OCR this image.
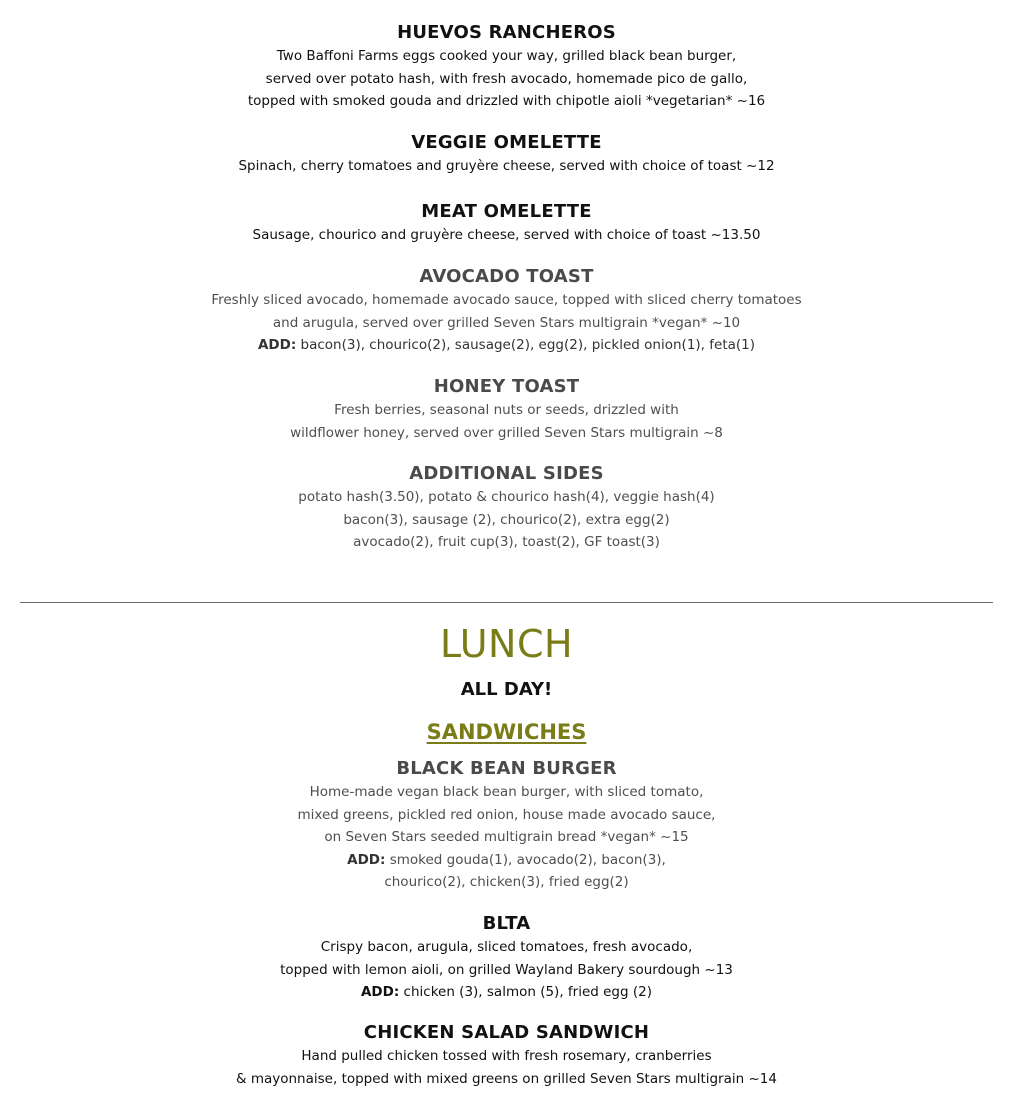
HUEVOS RANCHEROS
Two Baffoni Farms eggs cooked your way, grilled black bean burger,
served over potato hash, with fresh avocado, homemade pico de gallo,
topped with smoked gouda and drizzled with chipotle aioli *vegetarian* ~16
VEGGIE OMELETTE
Spinach, cherry tomatoes and gruyère cheese, served with choice of toast ~12
MEAT OMELETTE
Sausage, chourico and gruyère cheese, served with choice of toast ~13.50
AVOCADO TOAST
Freshly sliced avocado, homemade avocado sauce, topped with sliced cherry tomatoes
and arugula, served over grilled Seven Stars multigrain *vegan* ~10
ADD: bacon(3), chourico(2), sausage(2), egg(2), pickled onion(1), feta(1)
HONEY TOAST
Fresh berries, seasonal nuts or seeds, drizzled with
wildflower honey, served over grilled Seven Stars multigrain ~8
ADDITIONAL SIDES
potato hash(3.50), potato & chourico hash(4), veggie hash(4)
bacon(3), sausage (2), chourico(2), extra egg(2)
avocado(2), fruit cup(3), toast(2), GF toast(3)
LUNCH
ALL DAY!
SANDWICHES
BLACK BEAN BURGER
Home-made vegan black bean burger, with sliced tomato,
mixed greens, pickled red onion, house made avocado sauce,
on Seven Stars seeded multigrain bread *vegan* ~15
ADD: smoked gouda(1), avocado(2), bacon(3),
chourico(2), chicken(3), fried egg(2)
BLTA
Crispy bacon, arugula, sliced tomatoes, fresh avocado,
topped with lemon aioli, on grilled Wayland Bakery sourdough ~13
ADD: chicken (3), salmon (5), fried egg (2)
CHICKEN SALAD SANDWICH
Hand pulled chicken tossed with fresh rosemary, cranberries
& mayonnaise, topped with mixed greens on grilled Seven Stars multigrain ~14
